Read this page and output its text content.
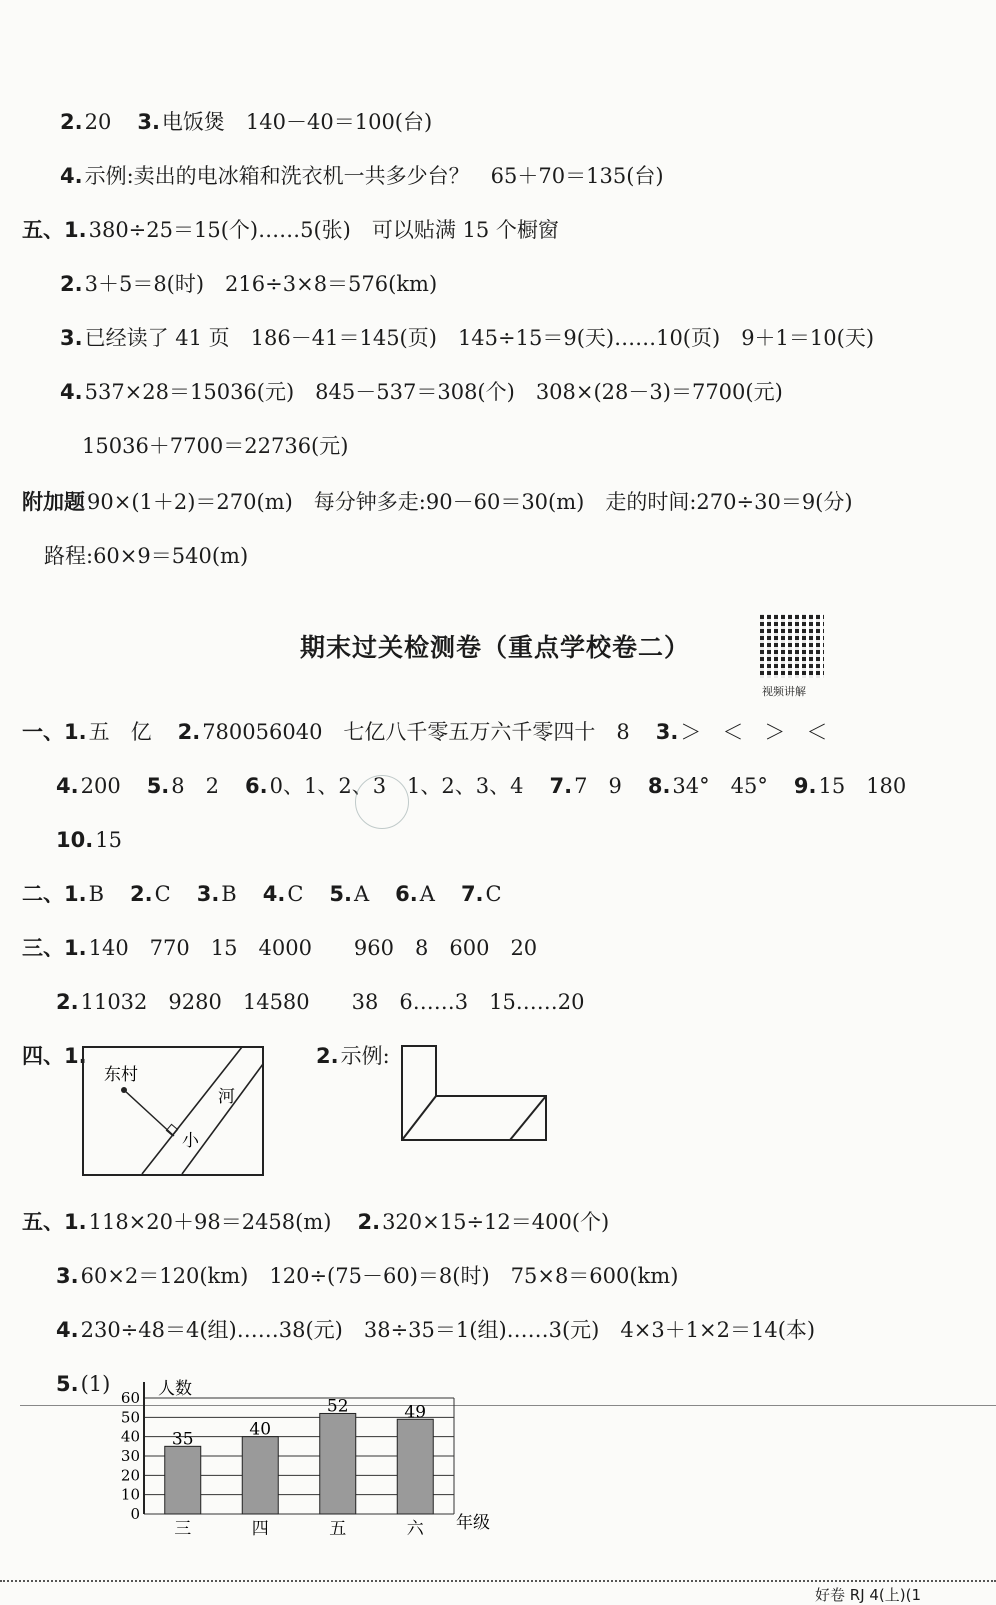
2.20 3.电饭煲　140－40＝100(台)
4.示例:卖出的电冰箱和洗衣机一共多少台？　65＋70＝135(台)
五、1.380÷25＝15(个)……5(张)　可以贴满 15 个橱窗
2.3＋5＝8(时)　216÷3×8＝576(km)
3.已经读了 41 页　186－41＝145(页)　145÷15＝9(天)……10(页)　9＋1＝10(天)
4.537×28＝15036(元)　845－537＝308(个)　308×(28－3)＝7700(元)
15036＋7700＝22736(元)
附加题90×(1＋2)＝270(m)　每分钟多走:90－60＝30(m)　走的时间:270÷30＝9(分)
路程:60×9＝540(m)
一、1.五　亿 2.780056040　七亿八千零五万六千零四十　8 3.＞　＜　＞　＜
4.200 5.8　2 6.0、1、2、3　1、2、3、4 7.7　9 8.34°　45° 9.15　180
10.15
二、1.B 2.C 3.B 4.C 5.A 6.A 7.C
三、1.140　770　15　4000　　960　8　600　20
2.11032　9280　14580　　38　6……3　15……20
四、1.	2.示例:
五、1.118×20＋98＝2458(m) 2.320×15÷12＝400(个)
3.60×2＝120(km)　120÷(75－60)＝8(时)　75×8＝600(km)
4.230÷48＝4(组)……38(元)　38÷35＝1(组)……3(元)　4×3＋1×2＝14(本)
5.(1)
期末过关检测卷（重点学校卷二）
视频讲解
东村
河
小
人数
年级
0
10
20
30
40
50
60
35
三
40
四
52
五
49
六
好卷 RJ 4(上)(1
